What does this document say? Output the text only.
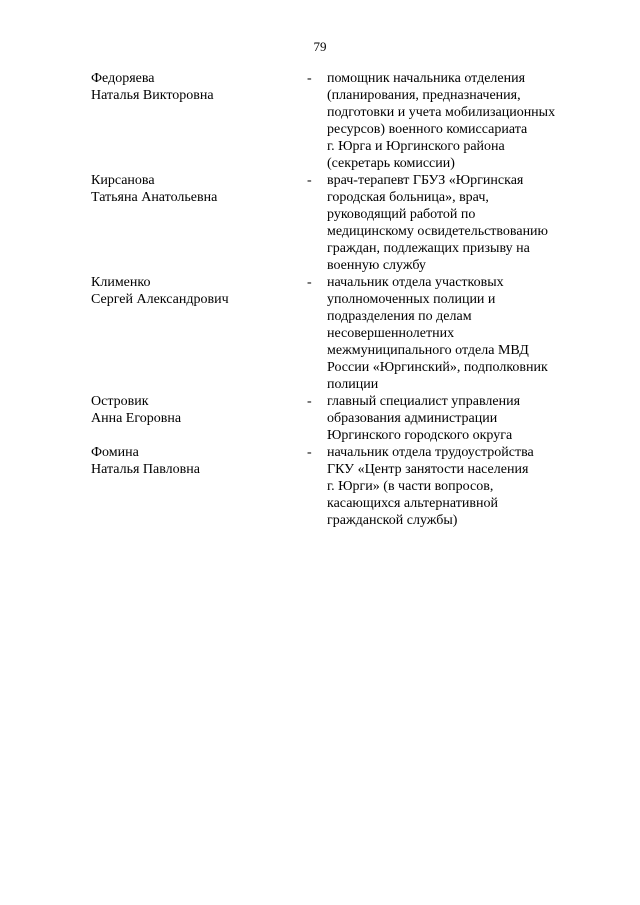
79
Федоряева
Наталья Викторовна
-	помощник начальника отделения
(планирования, предназначения,
подготовки и учета мобилизационных
ресурсов) военного комиссариата
г. Юрга и Юргинского района
(секретарь комиссии)
Кирсанова
Татьяна Анатольевна
-	врач-терапевт ГБУЗ «Юргинская
городская больница», врач,
руководящий работой по
медицинскому освидетельствованию
граждан, подлежащих призыву на
военную службу
Клименко
Сергей Александрович
-	начальник отдела участковых
уполномоченных полиции и
подразделения по делам
несовершеннолетних
межмуниципального отдела МВД
России «Юргинский», подполковник
полиции
Островик
Анна Егоровна
-	главный специалист управления
образования администрации
Юргинского городского округа
Фомина
Наталья Павловна
-	начальник отдела трудоустройства
ГКУ «Центр занятости населения
г. Юрги» (в части вопросов,
касающихся альтернативной
гражданской службы)
